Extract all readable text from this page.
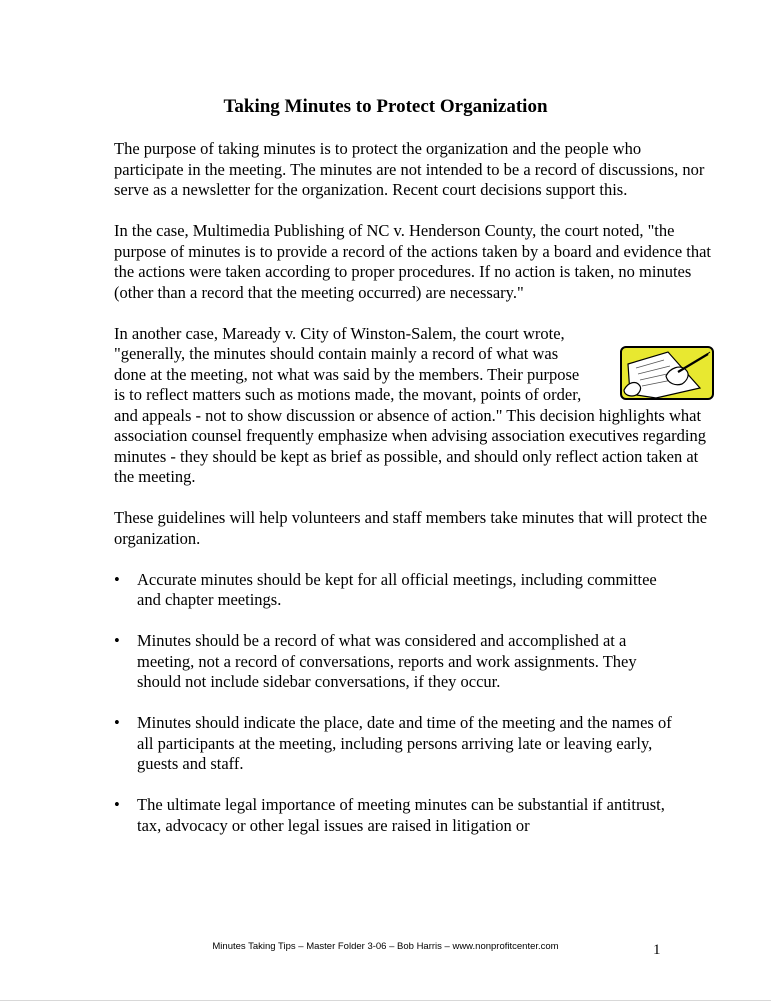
Taking Minutes to Protect Organization

The purpose of taking minutes is to protect the organization and the people who participate in the meeting. The minutes are not intended to be a record of discussions, nor serve as a newsletter for the organization. Recent court decisions support this.

In the case, Multimedia Publishing of NC v. Henderson County, the court noted, "the purpose of minutes is to provide a record of the actions taken by a board and evidence that the actions were taken according to proper procedures. If no action is taken, no minutes (other than a record that the meeting occurred) are necessary."

In another case, Maready v. City of Winston-Salem, the court wrote, "generally, the minutes should contain mainly a record of what was done at the meeting, not what was said by the members. Their purpose is to reflect matters such as motions made, the movant, points of order, and appeals - not to show discussion or absence of action." This decision highlights what association counsel frequently emphasize when advising association executives regarding minutes - they should be kept as brief as possible, and should only reflect action taken at the meeting.

These guidelines will help volunteers and staff members take minutes that will protect the organization.

• Accurate minutes should be kept for all official meetings, including committee and chapter meetings.
• Minutes should be a record of what was considered and accomplished at a meeting, not a record of conversations, reports and work assignments. They should not include sidebar conversations, if they occur.
• Minutes should indicate the place, date and time of the meeting and the names of all participants at the meeting, including persons arriving late or leaving early, guests and staff.
• The ultimate legal importance of meeting minutes can be substantial if antitrust, tax, advocacy or other legal issues are raised in litigation or

Minutes Taking Tips – Master Folder 3-06 – Bob Harris – www.nonprofitcenter.com	1
